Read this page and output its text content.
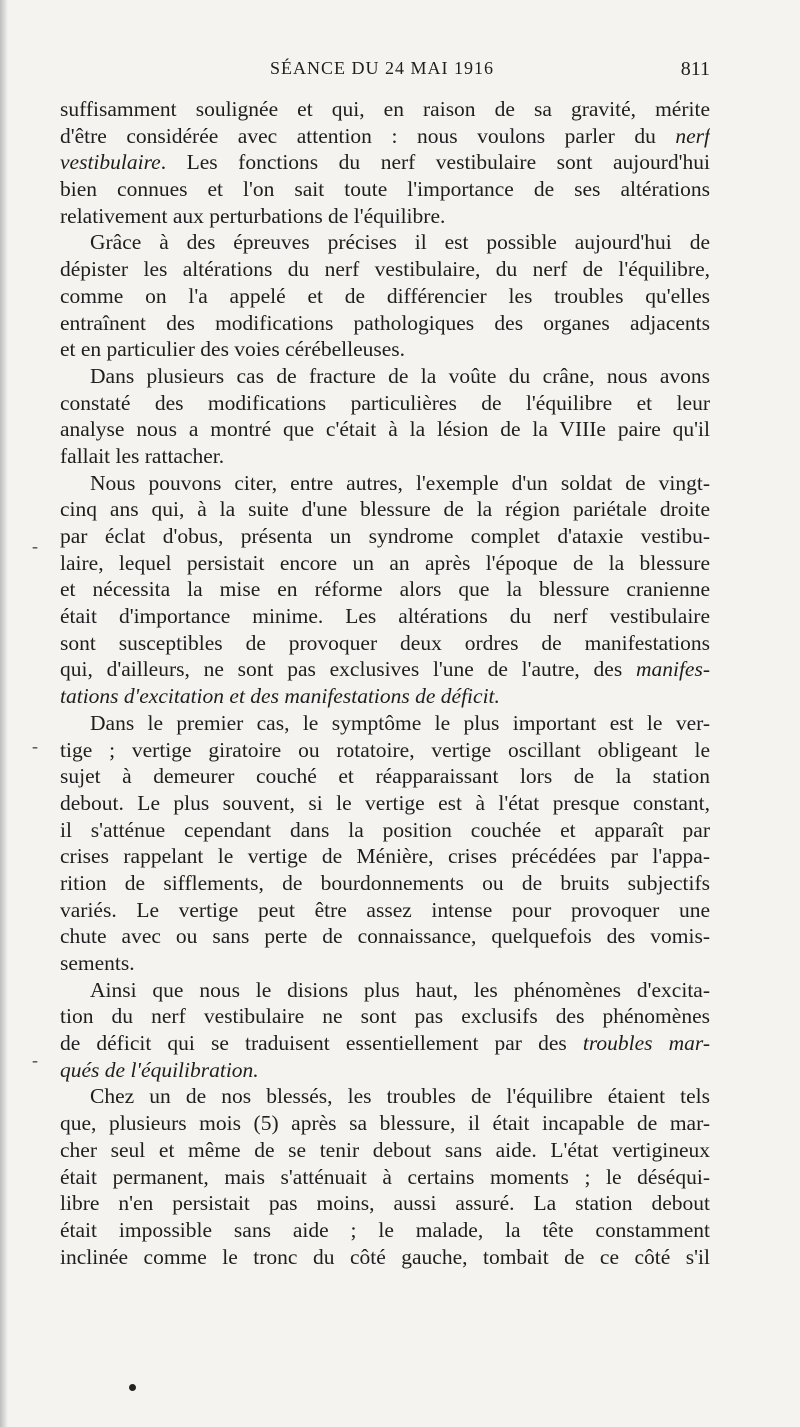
SÉANCE DU 24 MAI 1916	811
suffisamment soulignée et qui, en raison de sa gravité, mérite
d'être considérée avec attention : nous voulons parler du nerf
vestibulaire. Les fonctions du nerf vestibulaire sont aujourd'hui
bien connues et l'on sait toute l'importance de ses altérations
relativement aux perturbations de l'équilibre.
Grâce à des épreuves précises il est possible aujourd'hui de
dépister les altérations du nerf vestibulaire, du nerf de l'équilibre,
comme on l'a appelé et de différencier les troubles qu'elles
entraînent des modifications pathologiques des organes adjacents
et en particulier des voies cérébelleuses.
Dans plusieurs cas de fracture de la voûte du crâne, nous avons
constaté des modifications particulières de l'équilibre et leur
analyse nous a montré que c'était à la lésion de la VIIIe paire qu'il
fallait les rattacher.
Nous pouvons citer, entre autres, l'exemple d'un soldat de vingt-
cinq ans qui, à la suite d'une blessure de la région pariétale droite
par éclat d'obus, présenta un syndrome complet d'ataxie vestibu-
laire, lequel persistait encore un an après l'époque de la blessure
et nécessita la mise en réforme alors que la blessure cranienne
était d'importance minime. Les altérations du nerf vestibulaire
sont susceptibles de provoquer deux ordres de manifestations
qui, d'ailleurs, ne sont pas exclusives l'une de l'autre, des manifes-
tations d'excitation et des manifestations de déficit.
Dans le premier cas, le symptôme le plus important est le ver-
tige ; vertige giratoire ou rotatoire, vertige oscillant obligeant le
sujet à demeurer couché et réapparaissant lors de la station
debout. Le plus souvent, si le vertige est à l'état presque constant,
il s'atténue cependant dans la position couchée et apparaît par
crises rappelant le vertige de Ménière, crises précédées par l'appa-
rition de sifflements, de bourdonnements ou de bruits subjectifs
variés. Le vertige peut être assez intense pour provoquer une
chute avec ou sans perte de connaissance, quelquefois des vomis-
sements.
Ainsi que nous le disions plus haut, les phénomènes d'excita-
tion du nerf vestibulaire ne sont pas exclusifs des phénomènes
de déficit qui se traduisent essentiellement par des troubles mar-
qués de l'équilibration.
Chez un de nos blessés, les troubles de l'équilibre étaient tels
que, plusieurs mois (5) après sa blessure, il était incapable de mar-
cher seul et même de se tenir debout sans aide. L'état vertigineux
était permanent, mais s'atténuait à certains moments ; le déséqui-
libre n'en persistait pas moins, aussi assuré. La station debout
était impossible sans aide ; le malade, la tête constamment
inclinée comme le tronc du côté gauche, tombait de ce côté s'il
-
-
-
